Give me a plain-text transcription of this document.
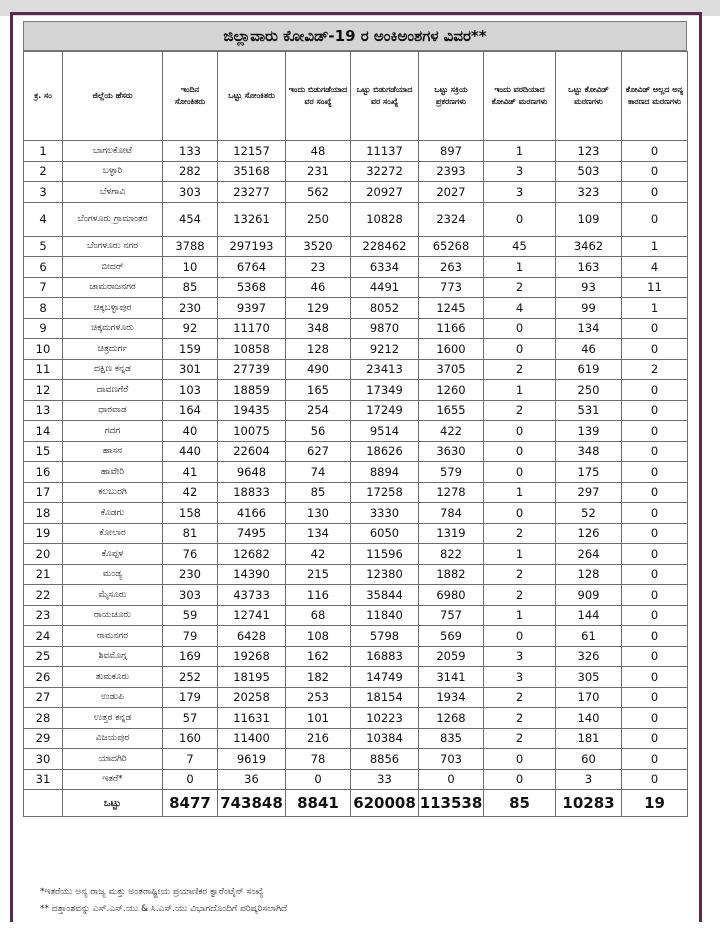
ಜಿಲ್ಲಾವಾರು ಕೋವಿಡ್-19 ರ ಅಂಕಿಅಂಶಗಳ ವಿವರ**
ಕ್ರ. ಸಂ	ಜಿಲ್ಲೆಯ ಹೆಸರು	ಇಂದಿನ ಸೋಂಕಿತರು	ಒಟ್ಟು ಸೋಂಕಿತರು	ಇಂದು ಬಿಡುಗಡೆಯಾದ ವರ ಸಂಖ್ಯೆ	ಒಟ್ಟು ಬಿಡುಗಡೆಯಾದ ವರ ಸಂಖ್ಯೆ	ಒಟ್ಟು ಸಕ್ರಿಯ ಪ್ರಕರಣಗಳು	ಇಂದು ವರದಿಯಾದ ಕೋವಿಡ್ ಮರಣಗಳು	ಒಟ್ಟು ಕೋವಿಡ್ ಮರಣಗಳು	ಕೋವಿಡ್ ಅಲ್ಲದ ಅನ್ಯ ಕಾರಣದ ಮರಣಗಳು
1	ಬಾಗಲಕೋಟೆ	133	12157	48	11137	897	1	123	0
2	ಬಳ್ಳಾರಿ	282	35168	231	32272	2393	3	503	0
3	ಬೆಳಗಾವಿ	303	23277	562	20927	2027	3	323	0
4	ಬೆಂಗಳೂರು ಗ್ರಾಮಾಂತರ	454	13261	250	10828	2324	0	109	0
5	ಬೆಂಗಳೂರು ನಗರ	3788	297193	3520	228462	65268	45	3462	1
6	ಬೀದರ್	10	6764	23	6334	263	1	163	4
7	ಚಾಮರಾಜನಗರ	85	5368	46	4491	773	2	93	11
8	ಚಿಕ್ಕಬಳ್ಳಾಪುರ	230	9397	129	8052	1245	4	99	1
9	ಚಿಕ್ಕಮಗಳೂರು	92	11170	348	9870	1166	0	134	0
10	ಚಿತ್ರದುರ್ಗ	159	10858	128	9212	1600	0	46	0
11	ದಕ್ಷಿಣ ಕನ್ನಡ	301	27739	490	23413	3705	2	619	2
12	ದಾವಣಗೆರೆ	103	18859	165	17349	1260	1	250	0
13	ಧಾರವಾಡ	164	19435	254	17249	1655	2	531	0
14	ಗದಗ	40	10075	56	9514	422	0	139	0
15	ಹಾಸನ	440	22604	627	18626	3630	0	348	0
16	ಹಾವೇರಿ	41	9648	74	8894	579	0	175	0
17	ಕಲಬುರಗಿ	42	18833	85	17258	1278	1	297	0
18	ಕೊಡಗು	158	4166	130	3330	784	0	52	0
19	ಕೋಲಾರ	81	7495	134	6050	1319	2	126	0
20	ಕೊಪ್ಪಳ	76	12682	42	11596	822	1	264	0
21	ಮಂಡ್ಯ	230	14390	215	12380	1882	2	128	0
22	ಮೈಸೂರು	303	43733	116	35844	6980	2	909	0
23	ರಾಯಚೂರು	59	12741	68	11840	757	1	144	0
24	ರಾಮನಗರ	79	6428	108	5798	569	0	61	0
25	ಶಿವಮೊಗ್ಗ	169	19268	162	16883	2059	3	326	0
26	ತುಮಕೂರು	252	18195	182	14749	3141	3	305	0
27	ಉಡುಪಿ	179	20258	253	18154	1934	2	170	0
28	ಉತ್ತರ ಕನ್ನಡ	57	11631	101	10223	1268	2	140	0
29	ವಿಜಯಪುರ	160	11400	216	10384	835	2	181	0
30	ಯಾದಗಿರಿ	7	9619	78	8856	703	0	60	0
31	ಇತರೆ*	0	36	0	33	0	0	3	0
	ಒಟ್ಟು	8477	743848	8841	620008	113538	85	10283	19
*ಇತರೆಯು ಅನ್ಯ ರಾಜ್ಯ ಮತ್ತು ಅಂತರಾಷ್ಟ್ರೀಯ ಪ್ರಯಾಣಿಕರ ಕ್ವಾರೆಂಟೈನ್ ಸಂಖ್ಯೆ
** ದತ್ತಾಂಶವನ್ನು ಎಸ್.ಎಸ್.ಯು & ಸಿ.ಎಸ್.ಯು ವಿಭಾಗದೊಂದಿಗೆ ಪರಿಷ್ಕರಿಸಲಾಗಿದೆ
